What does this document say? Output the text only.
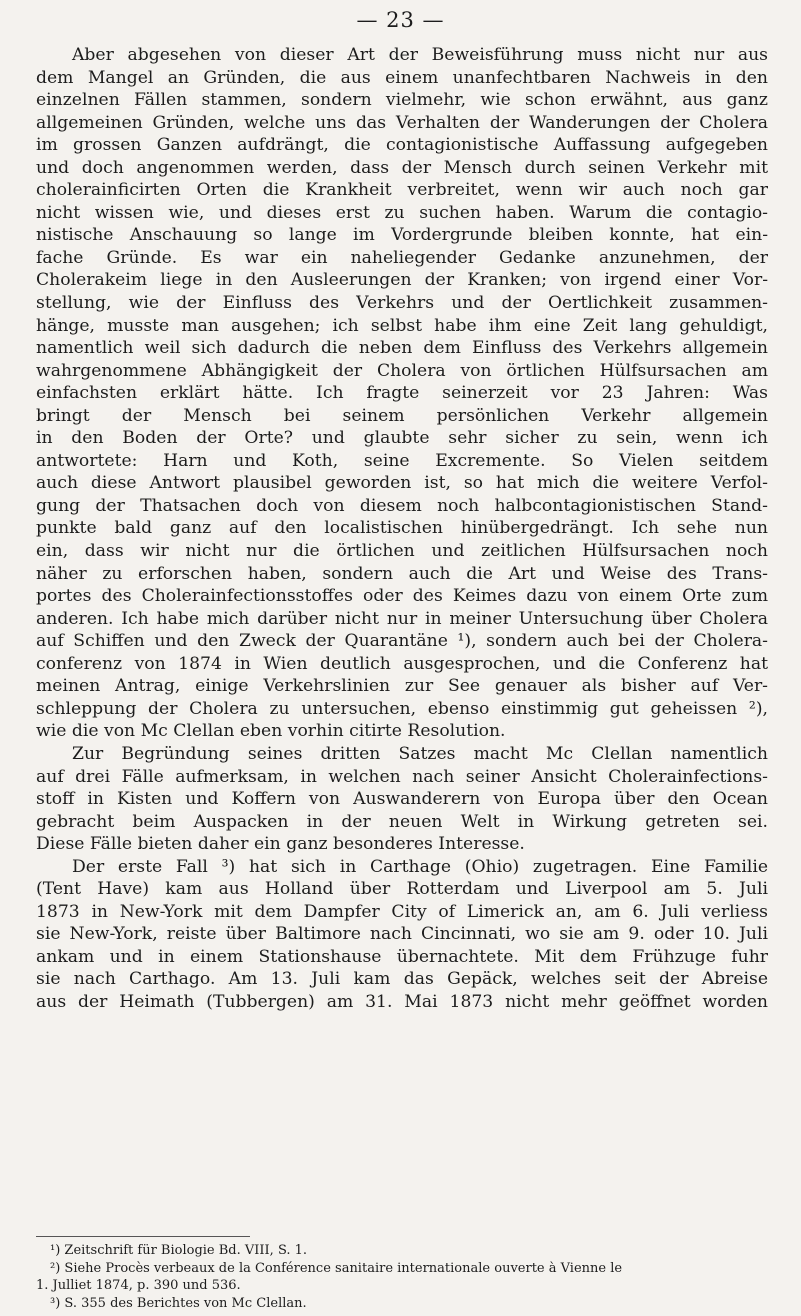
— 23 —
Aber abgesehen von dieser Art der Beweisführung muss nicht nur aus
dem Mangel an Gründen, die aus einem unanfechtbaren Nachweis in den
einzelnen Fällen stammen, sondern vielmehr, wie schon erwähnt, aus ganz
allgemeinen Gründen, welche uns das Verhalten der Wanderungen der Cholera
im grossen Ganzen aufdrängt, die contagionistische Auffassung aufgegeben
und doch angenommen werden, dass der Mensch durch seinen Verkehr mit
cholerainficirten Orten die Krankheit verbreitet, wenn wir auch noch gar
nicht wissen wie, und dieses erst zu suchen haben. Warum die contagio-
nistische Anschauung so lange im Vordergrunde bleiben konnte, hat ein-
fache Gründe. Es war ein naheliegender Gedanke anzunehmen, der
Cholerakeim liege in den Ausleerungen der Kranken; von irgend einer Vor-
stellung, wie der Einfluss des Verkehrs und der Oertlichkeit zusammen-
hänge, musste man ausgehen; ich selbst habe ihm eine Zeit lang gehuldigt,
namentlich weil sich dadurch die neben dem Einfluss des Verkehrs allgemein
wahrgenommene Abhängigkeit der Cholera von örtlichen Hülfsursachen am
einfachsten erklärt hätte. Ich fragte seinerzeit vor 23 Jahren: Was
bringt der Mensch bei seinem persönlichen Verkehr allgemein
in den Boden der Orte? und glaubte sehr sicher zu sein, wenn ich
antwortete: Harn und Koth, seine Excremente. So Vielen seitdem
auch diese Antwort plausibel geworden ist, so hat mich die weitere Verfol-
gung der Thatsachen doch von diesem noch halbcontagionistischen Stand-
punkte bald ganz auf den localistischen hinübergedrängt. Ich sehe nun
ein, dass wir nicht nur die örtlichen und zeitlichen Hülfsursachen noch
näher zu erforschen haben, sondern auch die Art und Weise des Trans-
portes des Cholerainfectionsstoffes oder des Keimes dazu von einem Orte zum
anderen. Ich habe mich darüber nicht nur in meiner Untersuchung über Cholera
auf Schiffen und den Zweck der Quarantäne ¹), sondern auch bei der Cholera-
conferenz von 1874 in Wien deutlich ausgesprochen, und die Conferenz hat
meinen Antrag, einige Verkehrslinien zur See genauer als bisher auf Ver-
schleppung der Cholera zu untersuchen, ebenso einstimmig gut geheissen ²),
wie die von Mc Clellan eben vorhin citirte Resolution.
Zur Begründung seines dritten Satzes macht Mc Clellan namentlich
auf drei Fälle aufmerksam, in welchen nach seiner Ansicht Cholerainfections-
stoff in Kisten und Koffern von Auswanderern von Europa über den Ocean
gebracht beim Auspacken in der neuen Welt in Wirkung getreten sei.
Diese Fälle bieten daher ein ganz besonderes Interesse.
Der erste Fall ³) hat sich in Carthage (Ohio) zugetragen. Eine Familie
(Tent Have) kam aus Holland über Rotterdam und Liverpool am 5. Juli
1873 in New-York mit dem Dampfer City of Limerick an, am 6. Juli verliess
sie New-York, reiste über Baltimore nach Cincinnati, wo sie am 9. oder 10. Juli
ankam und in einem Stationshause übernachtete. Mit dem Frühzuge fuhr
sie nach Carthago. Am 13. Juli kam das Gepäck, welches seit der Abreise
aus der Heimath (Tubbergen) am 31. Mai 1873 nicht mehr geöffnet worden
¹) Zeitschrift für Biologie Bd. VIII, S. 1.
²) Siehe Procès verbeaux de la Conférence sanitaire internationale ouverte à Vienne le
1. Julliet 1874, p. 390 und 536.
³) S. 355 des Berichtes von Mc Clellan.
